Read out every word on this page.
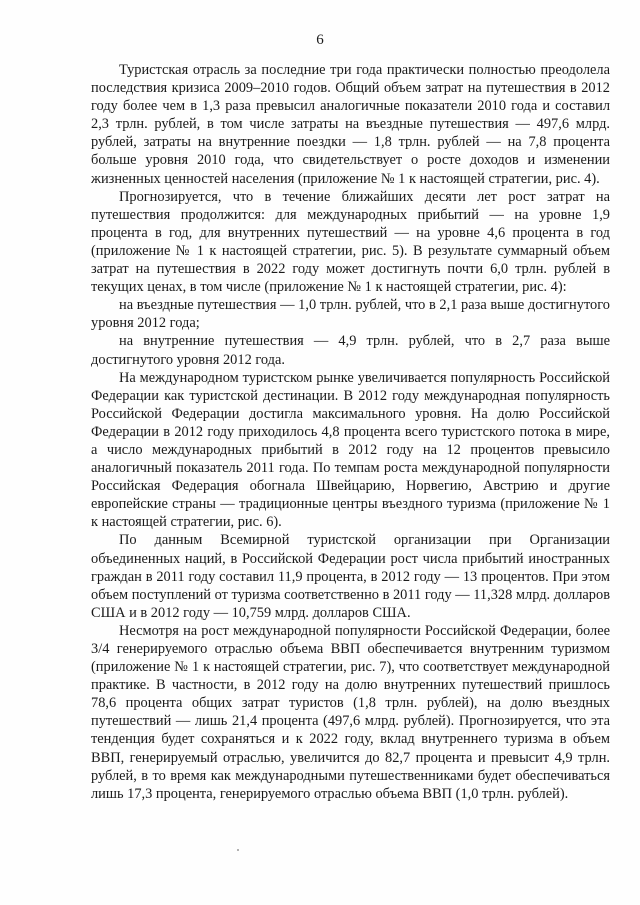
6

Туристская отрасль за последние три года практически полностью преодолела последствия кризиса 2009–2010 годов. Общий объем затрат на путешествия в 2012 году более чем в 1,3 раза превысил аналогичные показатели 2010 года и составил 2,3 трлн. рублей, в том числе затраты на въездные путешествия — 497,6 млрд. рублей, затраты на внутренние поездки — 1,8 трлн. рублей — на 7,8 процента больше уровня 2010 года, что свидетельствует о росте доходов и изменении жизненных ценностей населения (приложение № 1 к настоящей стратегии, рис. 4).

Прогнозируется, что в течение ближайших десяти лет рост затрат на путешествия продолжится: для международных прибытий — на уровне 1,9 процента в год, для внутренних путешествий — на уровне 4,6 процента в год (приложение № 1 к настоящей стратегии, рис. 5). В результате суммарный объем затрат на путешествия в 2022 году может достигнуть почти 6,0 трлн. рублей в текущих ценах, в том числе (приложение № 1 к настоящей стратегии, рис. 4):

на въездные путешествия — 1,0 трлн. рублей, что в 2,1 раза выше достигнутого уровня 2012 года;

на внутренние путешествия — 4,9 трлн. рублей, что в 2,7 раза выше достигнутого уровня 2012 года.

На международном туристском рынке увеличивается популярность Российской Федерации как туристской дестинации. В 2012 году международная популярность Российской Федерации достигла максимального уровня. На долю Российской Федерации в 2012 году приходилось 4,8 процента всего туристского потока в мире, а число международных прибытий в 2012 году на 12 процентов превысило аналогичный показатель 2011 года. По темпам роста международной популярности Российская Федерация обогнала Швейцарию, Норвегию, Австрию и другие европейские страны — традиционные центры въездного туризма (приложение № 1 к настоящей стратегии, рис. 6).

По данным Всемирной туристской организации при Организации объединенных наций, в Российской Федерации рост числа прибытий иностранных граждан в 2011 году составил 11,9 процента, в 2012 году — 13 процентов. При этом объем поступлений от туризма соответственно в 2011 году — 11,328 млрд. долларов США и в 2012 году — 10,759 млрд. долларов США.

Несмотря на рост международной популярности Российской Федерации, более 3/4 генерируемого отраслью объема ВВП обеспечивается внутренним туризмом (приложение № 1 к настоящей стратегии, рис. 7), что соответствует международной практике. В частности, в 2012 году на долю внутренних путешествий пришлось 78,6 процента общих затрат туристов (1,8 трлн. рублей), на долю въездных путешествий — лишь 21,4 процента (497,6 млрд. рублей). Прогнозируется, что эта тенденция будет сохраняться и к 2022 году, вклад внутреннего туризма в объем ВВП, генерируемый отраслью, увеличится до 82,7 процента и превысит 4,9 трлн. рублей, в то время как международными путешественниками будет обеспечиваться лишь 17,3 процента, генерируемого отраслью объема ВВП (1,0 трлн. рублей).
